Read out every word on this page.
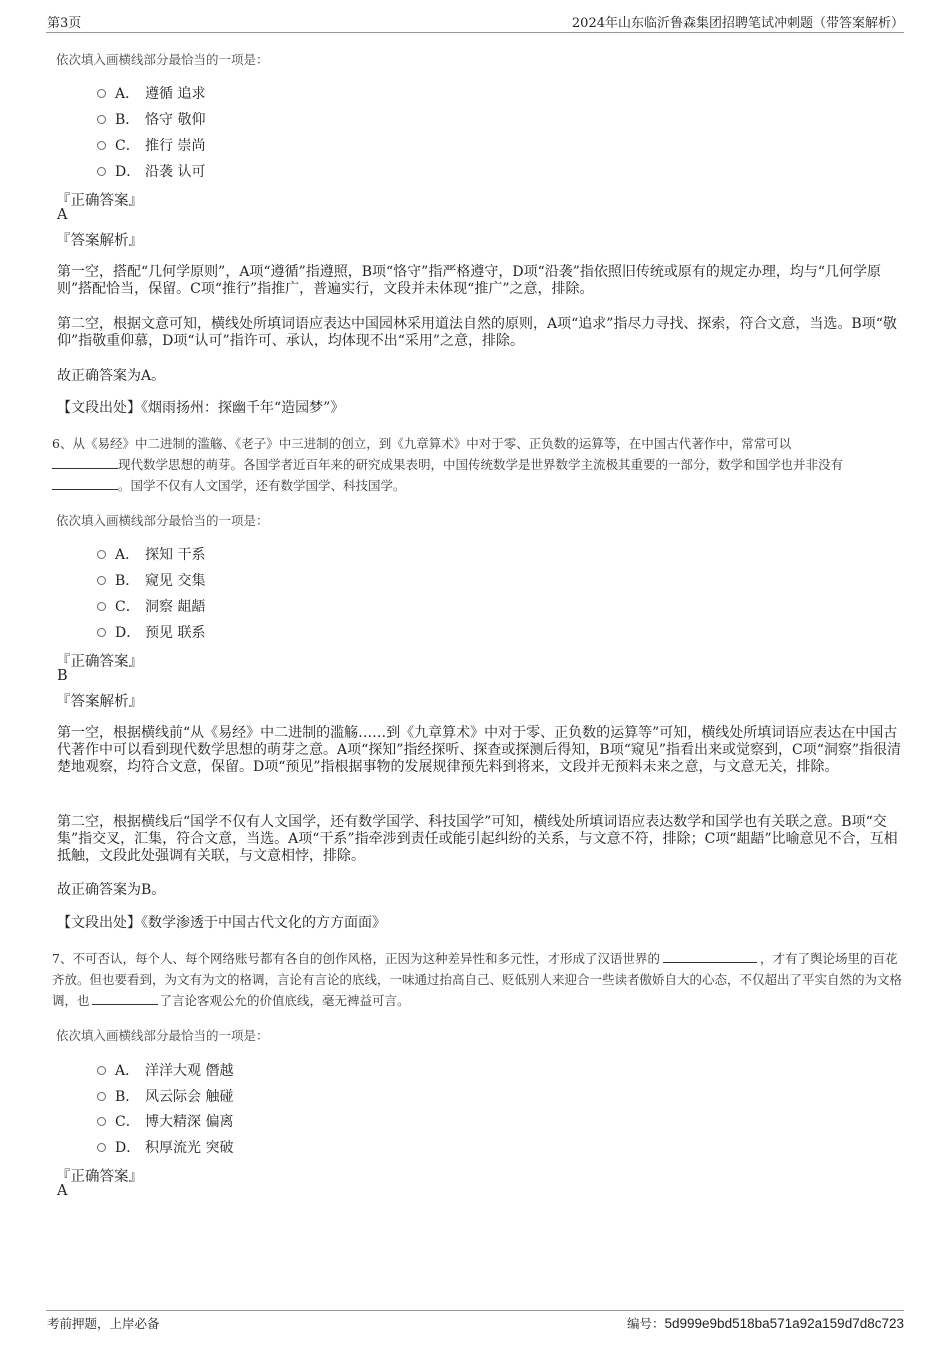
第3页	2024年山东临沂鲁森集团招聘笔试冲刺题（带答案解析）
依次填入画横线部分最恰当的一项是：
A． 遵循 追求
B． 恪守 敬仰
C． 推行 崇尚
D． 沿袭 认可
『正确答案』
A
『答案解析』
第一空，搭配“几何学原则”，A项“遵循”指遵照，B项“恪守”指严格遵守，D项“沿袭”指依照旧传统或原有的规定办理，均与“几何学原则”搭配恰当，保留。C项“推行”指推广，普遍实行，文段并未体现“推广”之意，排除。
第二空，根据文意可知，横线处所填词语应表达中国园林采用道法自然的原则，A项“追求”指尽力寻找、探索，符合文意，当选。B项“敬仰”指敬重仰慕，D项“认可”指许可、承认，均体现不出“采用”之意，排除。
故正确答案为A。
【文段出处】《烟雨扬州：探幽千年“造园梦”》
6、从《易经》中二进制的滥觞、《老子》中三进制的创立，到《九章算术》中对于零、正负数的运算等，在中国古代著作中，常常可以
现代数学思想的萌芽。各国学者近百年来的研究成果表明，中国传统数学是世界数学主流极其重要的一部分，数学和国学也并非没有
。国学不仅有人文国学，还有数学国学、科技国学。
依次填入画横线部分最恰当的一项是：
A． 探知 干系
B． 窥见 交集
C． 洞察 龃龉
D． 预见 联系
『正确答案』
B
『答案解析』
第一空，根据横线前“从《易经》中二进制的滥觞……到《九章算术》中对于零、正负数的运算等”可知，横线处所填词语应表达在中国古代著作中可以看到现代数学思想的萌芽之意。A项“探知”指经探听、探查或探测后得知，B项“窥见”指看出来或觉察到，C项“洞察”指很清楚地观察，均符合文意，保留。D项“预见”指根据事物的发展规律预先料到将来，文段并无预料未来之意，与文意无关，排除。
第二空，根据横线后“国学不仅有人文国学，还有数学国学、科技国学”可知，横线处所填词语应表达数学和国学也有关联之意。B项“交集”指交叉，汇集，符合文意，当选。A项“干系”指牵涉到责任或能引起纠纷的关系，与文意不符，排除；C项“龃龉”比喻意见不合，互相抵触，文段此处强调有关联，与文意相悖，排除。
故正确答案为B。
【文段出处】《数学渗透于中国古代文化的方方面面》
7、不可否认，每个人、每个网络账号都有各自的创作风格，正因为这种差异性和多元性，才形成了汉语世界的	，才有了舆论场里的百花齐放。但也要看到，为文有为文的格调，言论有言论的底线，一味通过抬高自己、贬低别人来迎合一些读者傲娇自大的心态，不仅超出了平实自然的为文格调，也	了言论客观公允的价值底线，毫无裨益可言。
依次填入画横线部分最恰当的一项是：
A． 洋洋大观 僭越
B． 风云际会 触碰
C． 博大精深 偏离
D． 积厚流光 突破
『正确答案』
A
考前押题，上岸必备	编号：5d999e9bd518ba571a92a159d7d8c723
